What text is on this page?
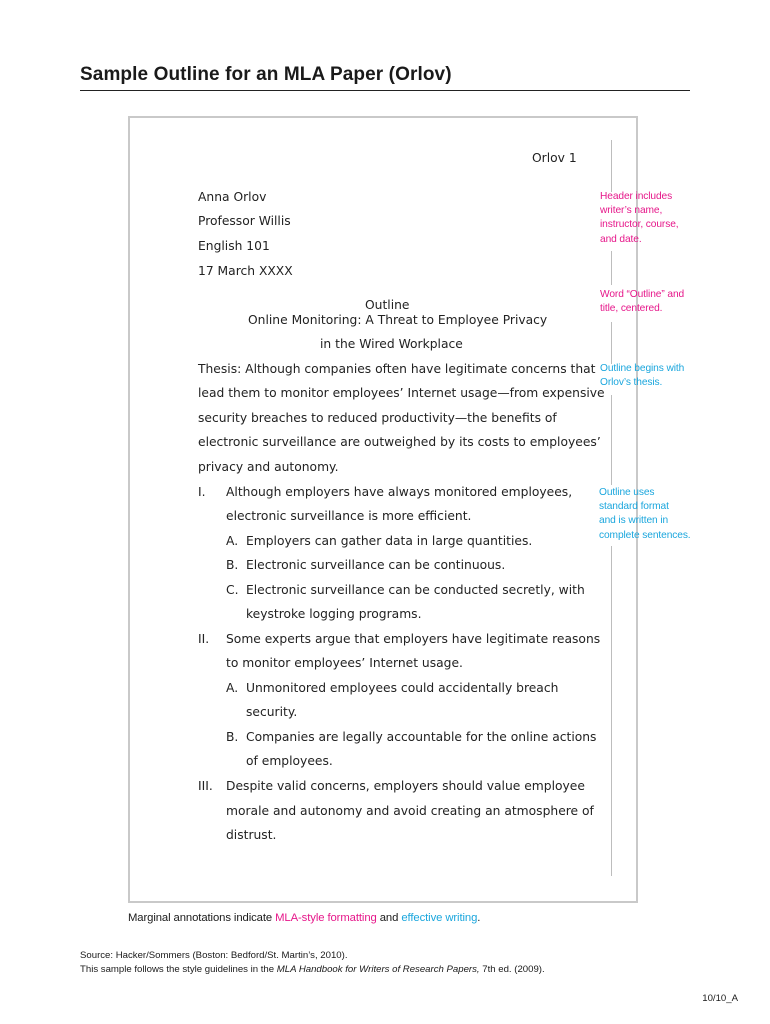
Sample Outline for an MLA Paper (Orlov)
Orlov 1
Anna Orlov
Professor Willis
English 101
17 March XXXX
Outline
Online Monitoring: A Threat to Employee Privacy
in the Wired Workplace
Thesis: Although companies often have legitimate concerns that
lead them to monitor employees’ Internet usage—from expensive
security breaches to reduced productivity—the benefits of
electronic surveillance are outweighed by its costs to employees’
privacy and autonomy.
I. Although employers have always monitored employees,
electronic surveillance is more efficient.
A. Employers can gather data in large quantities.
B. Electronic surveillance can be continuous.
C. Electronic surveillance can be conducted secretly, with
keystroke logging programs.
II. Some experts argue that employers have legitimate reasons
to monitor employees’ Internet usage.
A. Unmonitored employees could accidentally breach
security.
B. Companies are legally accountable for the online actions
of employees.
III. Despite valid concerns, employers should value employee
morale and autonomy and avoid creating an atmosphere of
distrust.
Header includes
writer’s name,
instructor, course,
and date.
Word “Outline” and
title, centered.
Outline begins with
Orlov’s thesis.
Outline uses
standard format
and is written in
complete sentences.
Marginal annotations indicate MLA-style formatting and effective writing.
Source: Hacker/Sommers (Boston: Bedford/St. Martin’s, 2010).
This sample follows the style guidelines in the MLA Handbook for Writers of Research Papers, 7th ed. (2009).
10/10_A
